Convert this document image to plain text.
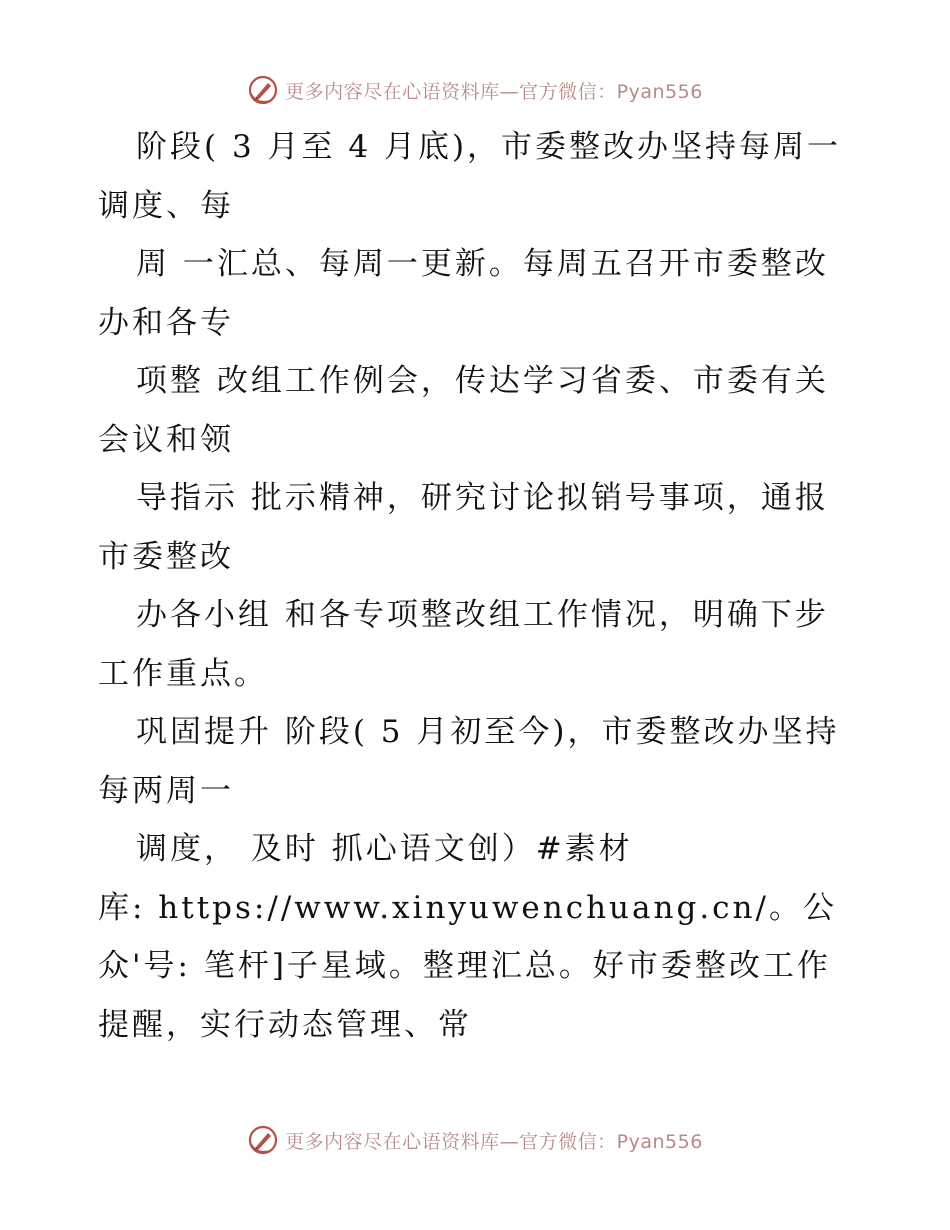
更多内容尽在心语资料库—官方微信：Pyan556
阶段( 3 月至 4 月底)，市委整改办坚持每周一
调度、每
周 一汇总、每周一更新。每周五召开市委整改
办和各专
项整 改组工作例会，传达学习省委、市委有关
会议和领
导指示 批示精神，研究讨论拟销号事项，通报
市委整改
办各小组 和各专项整改组工作情况，明确下步
工作重点。
巩固提升 阶段( 5 月初至今)，市委整改办坚持
每两周一
调度， 及时 抓心语文创）#素材
库: https://www.xinyuwenchuang.cn/。公
众'号: 笔杆]子星域。整理汇总。好市委整改工作
提醒，实行动态管理、常
更多内容尽在心语资料库—官方微信：Pyan556
